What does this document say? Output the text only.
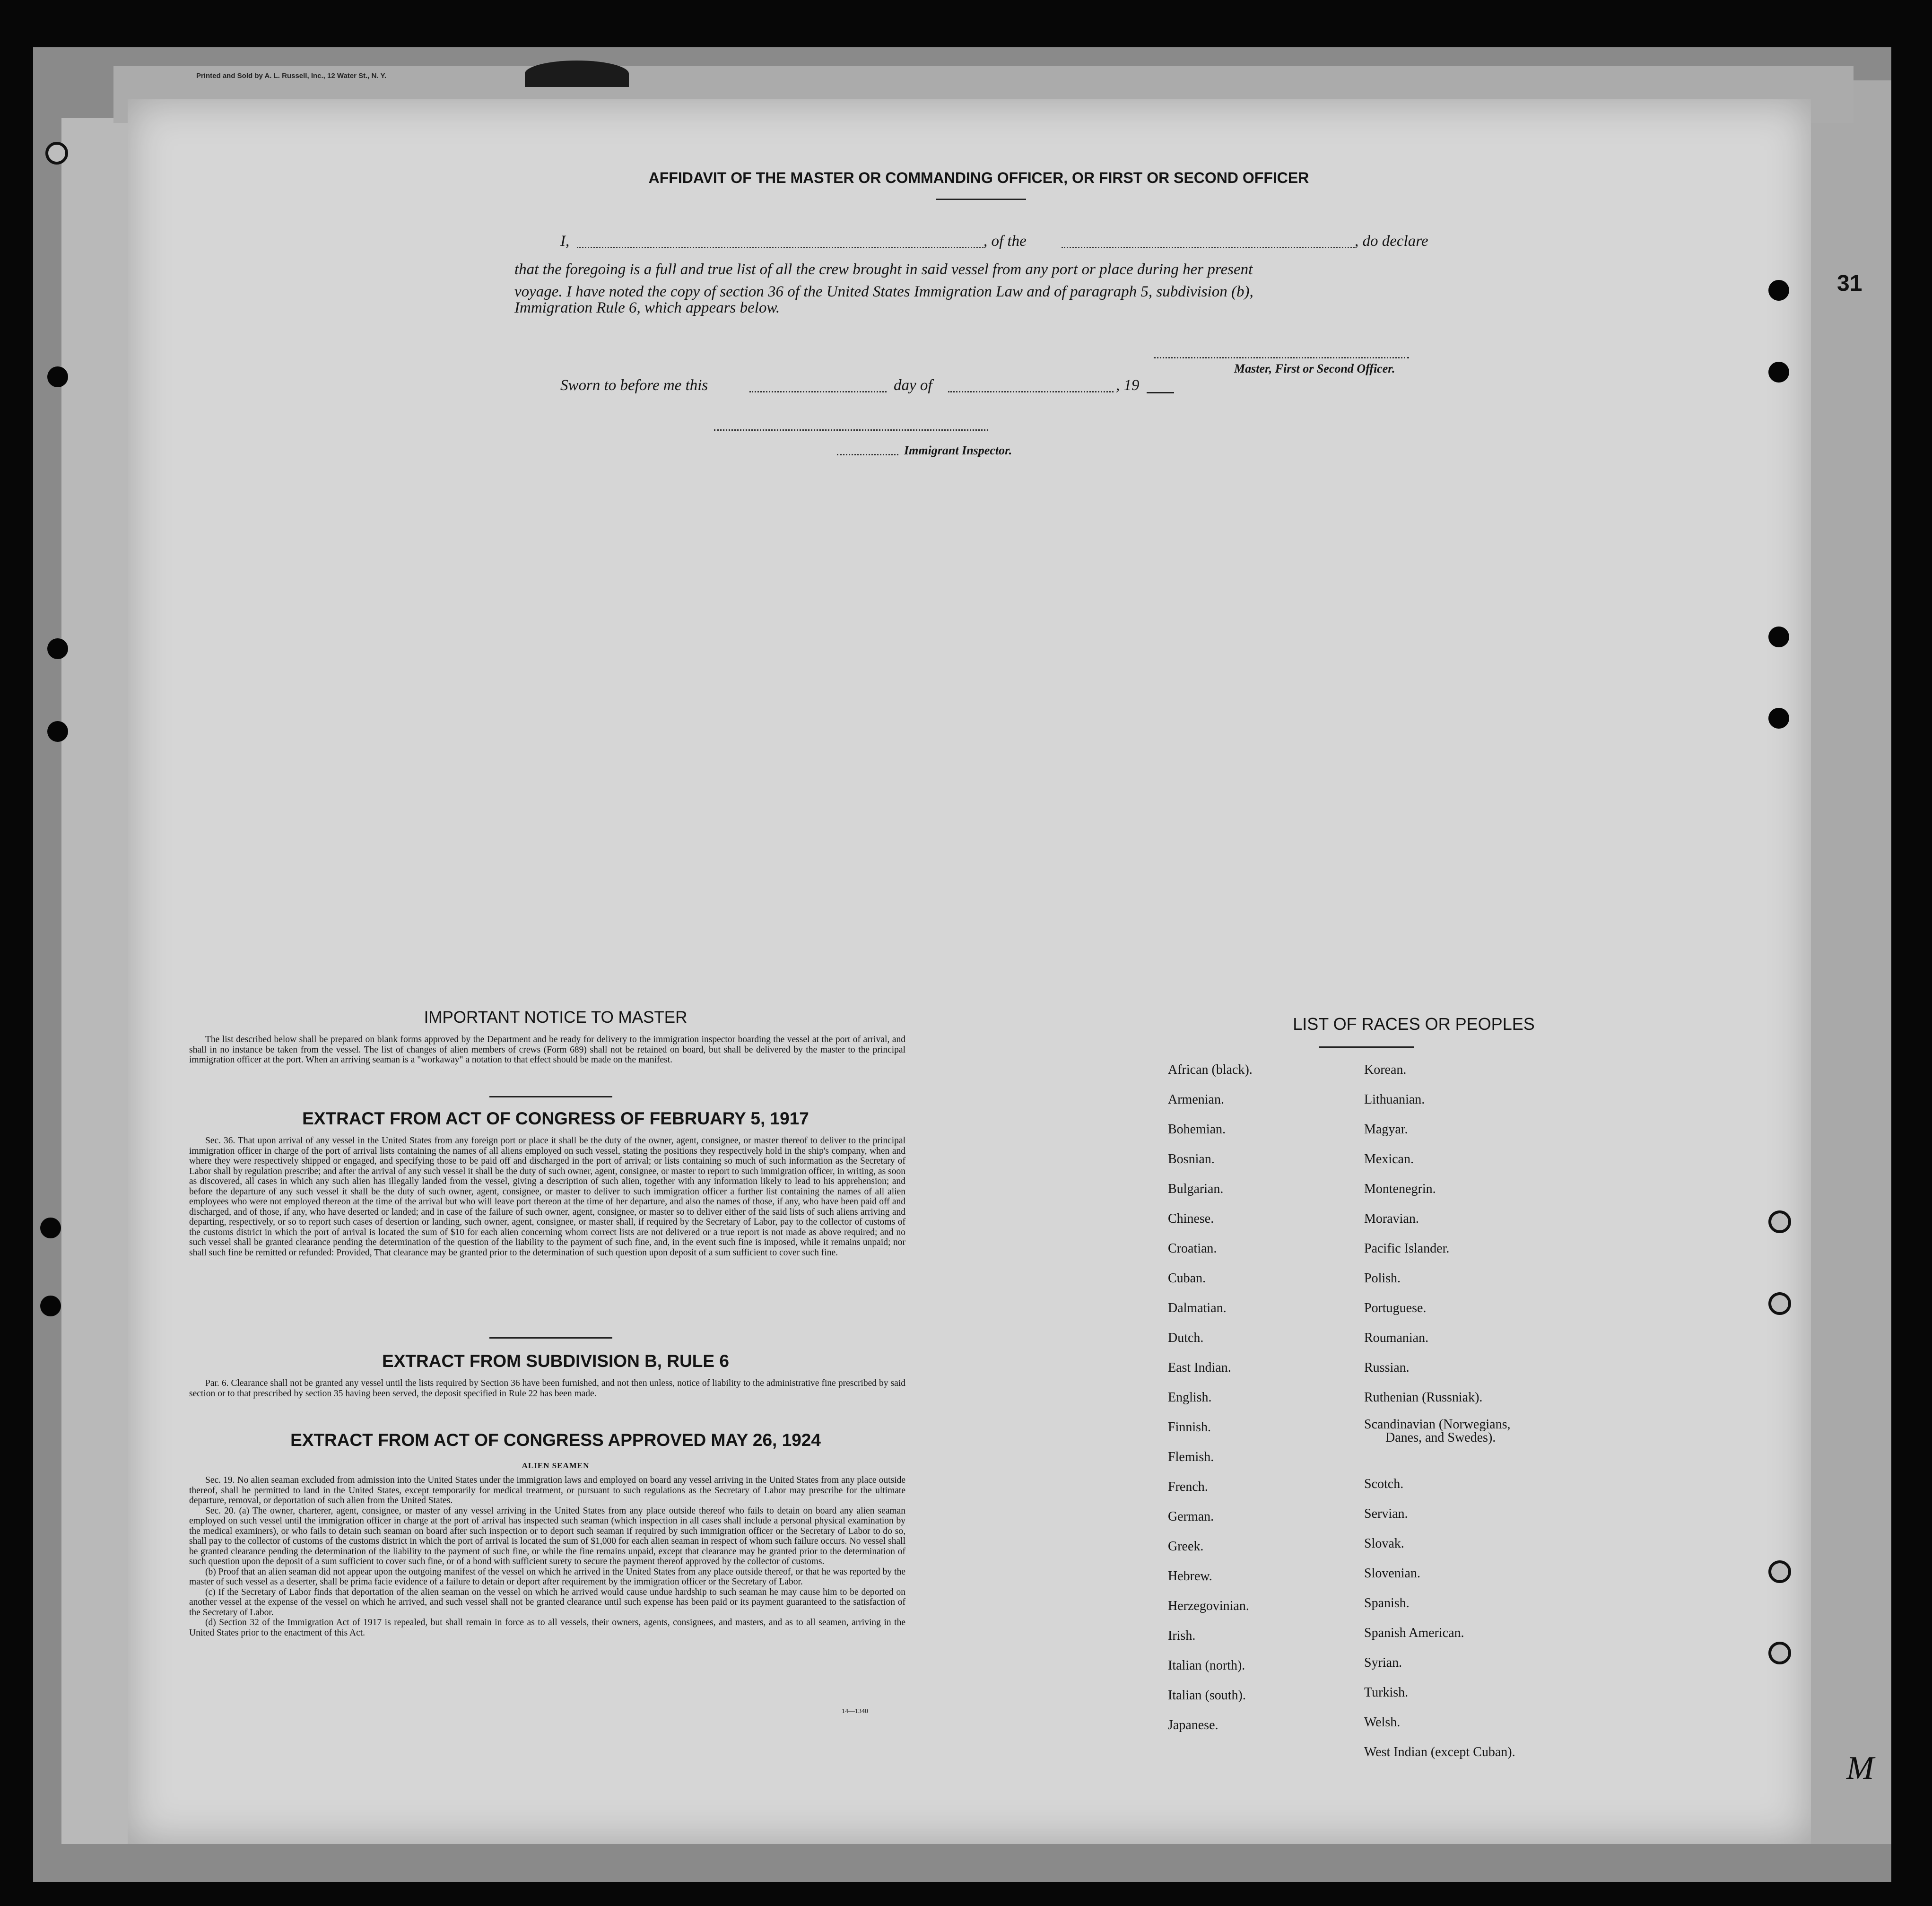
Printed and Sold by A. L. Russell, Inc., 12 Water St., N. Y.
31
AFFIDAVIT OF THE MASTER OR COMMANDING OFFICER, OR FIRST OR SECOND OFFICER
I,	, of the	, do declare
that the foregoing is a full and true list of all the crew brought in said vessel from any port or place during her present
voyage. I have noted the copy of section 36 of the United States Immigration Law and of paragraph 5, subdivision (b),
Immigration Rule 6, which appears below.
Master, First or Second Officer.
Sworn to before me this	day of	, 19
Immigrant Inspector.
IMPORTANT NOTICE TO MASTER

The list described below shall be prepared on blank forms approved by the Department and be ready for delivery to the immigration inspector boarding the vessel at the port of arrival, and shall in no instance be taken from the vessel. The list of changes of alien members of crews (Form 689) shall not be retained on board, but shall be delivered by the master to the principal immigration officer at the port. When an arriving seaman is a "workaway" a notation to that effect should be made on the manifest.

EXTRACT FROM ACT OF CONGRESS OF FEBRUARY 5, 1917

Sec. 36. That upon arrival of any vessel in the United States from any foreign port or place it shall be the duty of the owner, agent, consignee, or master thereof to deliver to the principal immigration officer in charge of the port of arrival lists containing the names of all aliens employed on such vessel, stating the positions they respectively hold in the ship's company, when and where they were respectively shipped or engaged, and specifying those to be paid off and discharged in the port of arrival; or lists containing so much of such information as the Secretary of Labor shall by regulation prescribe; and after the arrival of any such vessel it shall be the duty of such owner, agent, consignee, or master to report to such immigration officer, in writing, as soon as discovered, all cases in which any such alien has illegally landed from the vessel, giving a description of such alien, together with any information likely to lead to his apprehension; and before the departure of any such vessel it shall be the duty of such owner, agent, consignee, or master to deliver to such immigration officer a further list containing the names of all alien employees who were not employed thereon at the time of the arrival but who will leave port thereon at the time of her departure, and also the names of those, if any, who have been paid off and discharged, and of those, if any, who have deserted or landed; and in case of the failure of such owner, agent, consignee, or master so to deliver either of the said lists of such aliens arriving and departing, respectively, or so to report such cases of desertion or landing, such owner, agent, consignee, or master shall, if required by the Secretary of Labor, pay to the collector of customs of the customs district in which the port of arrival is located the sum of $10 for each alien concerning whom correct lists are not delivered or a true report is not made as above required; and no such vessel shall be granted clearance pending the determination of the question of the liability to the payment of such fine, and, in the event such fine is imposed, while it remains unpaid; nor shall such fine be remitted or refunded: Provided, That clearance may be granted prior to the determination of such question upon deposit of a sum sufficient to cover such fine.

EXTRACT FROM SUBDIVISION B, RULE 6

Par. 6. Clearance shall not be granted any vessel until the lists required by Section 36 have been furnished, and not then unless, notice of liability to the administrative fine prescribed by said section or to that prescribed by section 35 having been served, the deposit specified in Rule 22 has been made.

EXTRACT FROM ACT OF CONGRESS APPROVED MAY 26, 1924
ALIEN SEAMEN

Sec. 19. No alien seaman excluded from admission into the United States under the immigration laws and employed on board any vessel arriving in the United States from any place outside thereof, shall be permitted to land in the United States, except temporarily for medical treatment, or pursuant to such regulations as the Secretary of Labor may prescribe for the ultimate departure, removal, or deportation of such alien from the United States.

Sec. 20. (a) The owner, charterer, agent, consignee, or master of any vessel arriving in the United States from any place outside thereof who fails to detain on board any alien seaman employed on such vessel until the immigration officer in charge at the port of arrival has inspected such seaman (which inspection in all cases shall include a personal physical examination by the medical examiners), or who fails to detain such seaman on board after such inspection or to deport such seaman if required by such immigration officer or the Secretary of Labor to do so, shall pay to the collector of customs of the customs district in which the port of arrival is located the sum of $1,000 for each alien seaman in respect of whom such failure occurs. No vessel shall be granted clearance pending the determination of the liability to the payment of such fine, or while the fine remains unpaid, except that clearance may be granted prior to the determination of such question upon the deposit of a sum sufficient to cover such fine, or of a bond with sufficient surety to secure the payment thereof approved by the collector of customs.

(b) Proof that an alien seaman did not appear upon the outgoing manifest of the vessel on which he arrived in the United States from any place outside thereof, or that he was reported by the master of such vessel as a deserter, shall be prima facie evidence of a failure to detain or deport after requirement by the immigration officer or the Secretary of Labor.

(c) If the Secretary of Labor finds that deportation of the alien seaman on the vessel on which he arrived would cause undue hardship to such seaman he may cause him to be deported on another vessel at the expense of the vessel on which he arrived, and such vessel shall not be granted clearance until such expense has been paid or its payment guaranteed to the satisfaction of the Secretary of Labor.

(d) Section 32 of the Immigration Act of 1917 is repealed, but shall remain in force as to all vessels, their owners, agents, consignees, and masters, and as to all seamen, arriving in the United States prior to the enactment of this Act.

14—1340
LIST OF RACES OR PEOPLES
African (black).
Armenian.
Bohemian.
Bosnian.
Bulgarian.
Chinese.
Croatian.
Cuban.
Dalmatian.
Dutch.
East Indian.
English.
Finnish.
Flemish.
French.
German.
Greek.
Hebrew.
Herzegovinian.
Irish.
Italian (north).
Italian (south).
Japanese.
Korean.
Lithuanian.
Magyar.
Mexican.
Montenegrin.
Moravian.
Pacific Islander.
Polish.
Portuguese.
Roumanian.
Russian.
Ruthenian (Russniak).
Scandinavian (Norwegians,
Danes, and Swedes).
Scotch.
Servian.
Slovak.
Slovenian.
Spanish.
Spanish American.
Syrian.
Turkish.
Welsh.
West Indian (except Cuban).	M
